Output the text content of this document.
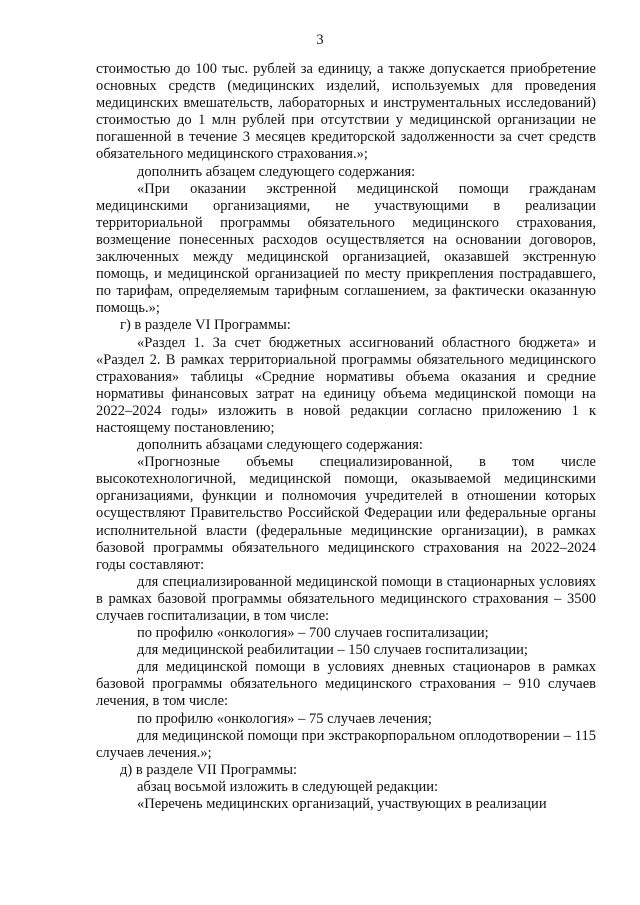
3

стоимостью до 100 тыс. рублей за единицу, а также допускается приобретение основных средств (медицинских изделий, используемых для проведения медицинских вмешательств, лабораторных и инструментальных исследований) стоимостью до 1 млн рублей при отсутствии у медицинской организации не погашенной в течение 3 месяцев кредиторской задолженности за счет средств обязательного медицинского страхования.»;

дополнить абзацем следующего содержания:

«При оказании экстренной медицинской помощи гражданам медицинскими организациями, не участвующими в реализации территориальной программы обязательного медицинского страхования, возмещение понесенных расходов осуществляется на основании договоров, заключенных между медицинской организацией, оказавшей экстренную помощь, и медицинской организацией по месту прикрепления пострадавшего, по тарифам, определяемым тарифным соглашением, за фактически оказанную помощь.»;

г) в разделе VI Программы:

«Раздел 1. За счет бюджетных ассигнований областного бюджета» и «Раздел 2. В рамках территориальной программы обязательного медицинского страхования» таблицы «Средние нормативы объема оказания и средние нормативы финансовых затрат на единицу объема медицинской помощи на 2022–2024 годы» изложить в новой редакции согласно приложению 1 к настоящему постановлению;

дополнить абзацами следующего содержания:

«Прогнозные объемы специализированной, в том числе высокотехнологичной, медицинской помощи, оказываемой медицинскими организациями, функции и полномочия учредителей в отношении которых осуществляют Правительство Российской Федерации или федеральные органы исполнительной власти (федеральные медицинские организации), в рамках базовой программы обязательного медицинского страхования на 2022–2024 годы составляют:

для специализированной медицинской помощи в стационарных условиях в рамках базовой программы обязательного медицинского страхования – 3500 случаев госпитализации, в том числе:

по профилю «онкология» – 700 случаев госпитализации;

для медицинской реабилитации – 150 случаев госпитализации;

для медицинской помощи в условиях дневных стационаров в рамках базовой программы обязательного медицинского страхования – 910 случаев лечения, в том числе:

по профилю «онкология» – 75 случаев лечения;

для медицинской помощи при экстракорпоральном оплодотворении – 115 случаев лечения.»;

д) в разделе VII Программы:

абзац восьмой изложить в следующей редакции:

«Перечень медицинских организаций, участвующих в реализации
